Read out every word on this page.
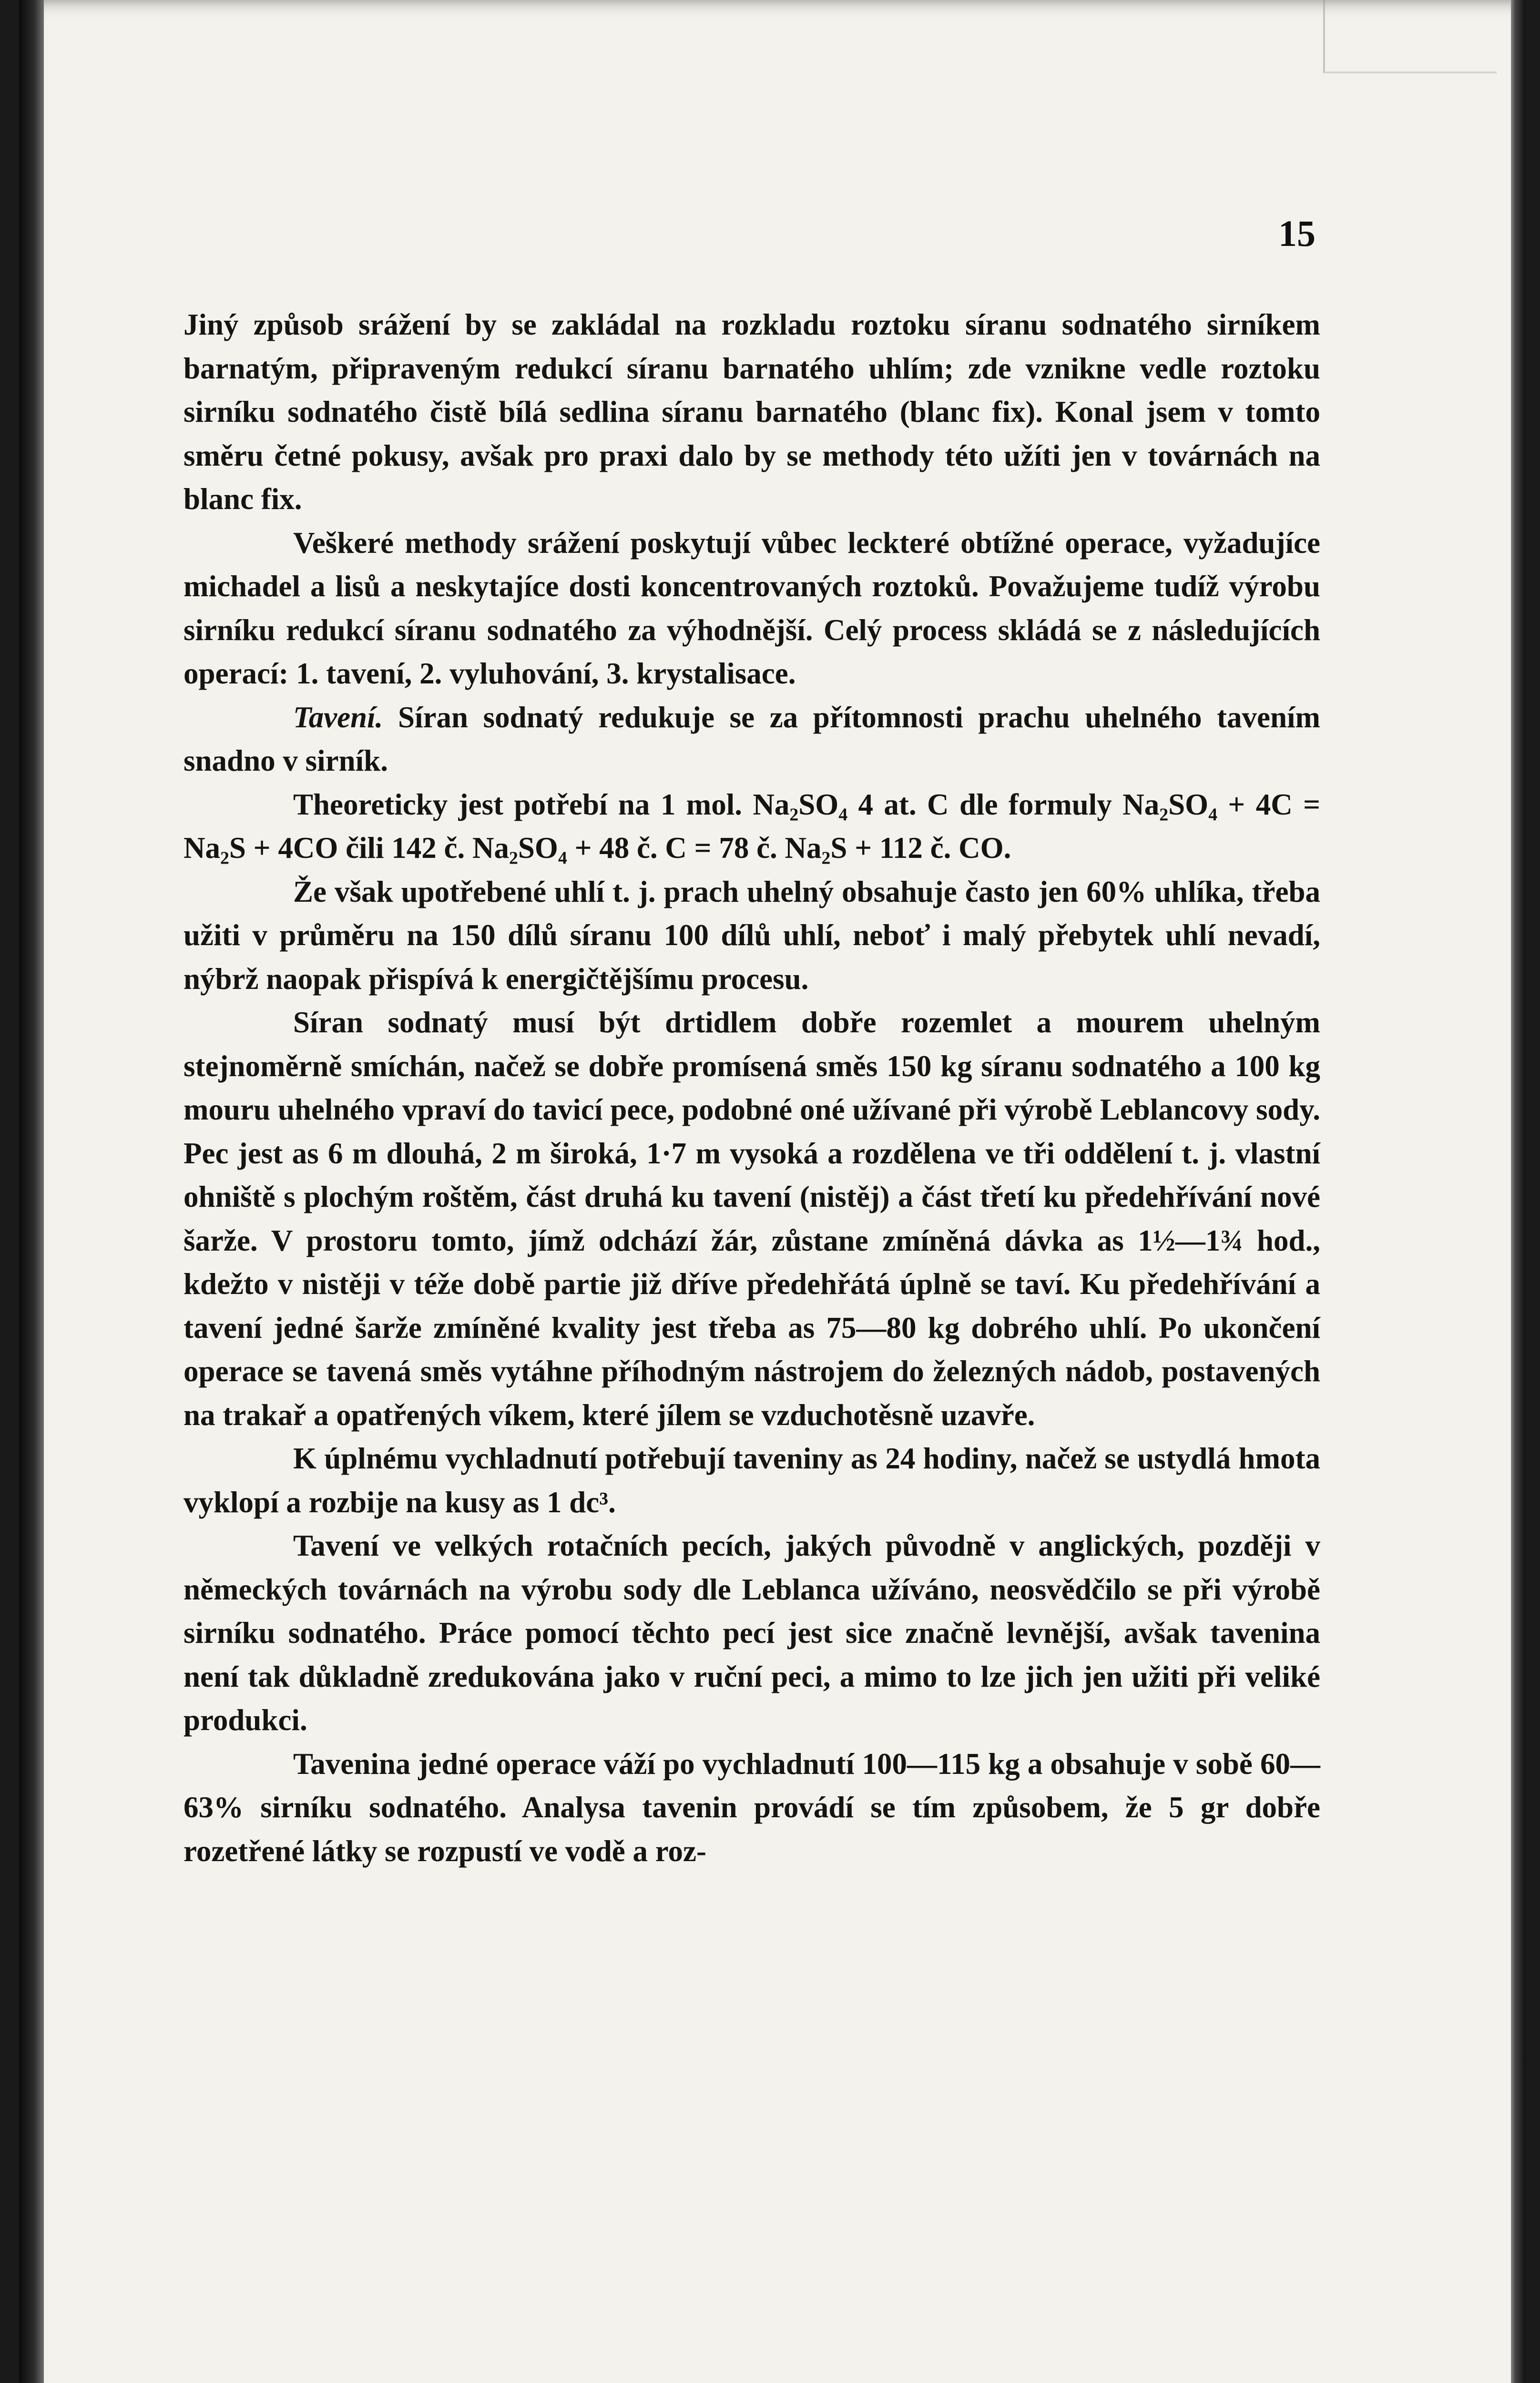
15

Jiný způsob srážení by se zakládal na rozkladu roztoku síranu sodnatého sirníkem barnatým, připraveným redukcí síranu barnatého uhlím; zde vznikne vedle roztoku sirníku sodnatého čistě bílá sedlina síranu barnatého (blanc fix). Konal jsem v tomto směru četné pokusy, avšak pro praxi dalo by se methody této užíti jen v továrnách na blanc fix.

Veškeré methody srážení poskytují vůbec leckteré obtížné operace, vyžadujíce michadel a lisů a neskytajíce dosti koncentrovaných roztoků. Považujeme tudíž výrobu sirníku redukcí síranu sodnatého za výhodnější. Celý process skládá se z následujících operací: 1. tavení, 2. vyluhování, 3. krystalisace.

Tavení. Síran sodnatý redukuje se za přítomnosti prachu uhelného tavením snadno v sirník.

Theoreticky jest potřebí na 1 mol. Na₂SO₄ 4 at. C dle formuly Na₂SO₄ + 4C = Na₂S + 4CO čili 142 č. Na₂SO₄ + 48 č. C = 78 č. Na₂S + 112 č. CO.

Že však upotřebené uhlí t. j. prach uhelný obsahuje často jen 60% uhlíka, třeba užiti v průměru na 150 dílů síranu 100 dílů uhlí, neboť i malý přebytek uhlí nevadí, nýbrž naopak přispívá k energičtějšímu procesu.

Síran sodnatý musí být drtidlem dobře rozemlet a mourem uhelným stejnoměrně smíchán, načež se dobře promísená směs 150 kg síranu sodnatého a 100 kg mouru uhelného vpraví do tavicí pece, podobné oné užívané při výrobě Leblancovy sody. Pec jest as 6 m dlouhá, 2 m široká, 1·7 m vysoká a rozdělena ve tři oddělení t. j. vlastní ohniště s plochým roštěm, část druhá ku tavení (nistěj) a část třetí ku předehřívání nové šarže. V prostoru tomto, jímž odchází žár, zůstane zmíněná dávka as 1½—1¾ hod., kdežto v nistěji v téže době partie již dříve předehřátá úplně se taví. Ku předehřívání a tavení jedné šarže zmíněné kvality jest třeba as 75—80 kg dobrého uhlí. Po ukončení operace se tavená směs vytáhne příhodným nástrojem do železných nádob, postavených na trakař a opatřených víkem, které jílem se vzduchotěsně uzavře.

K úplnému vychladnutí potřebují taveniny as 24 hodiny, načež se ustydlá hmota vyklopí a rozbije na kusy as 1 dc³.

Tavení ve velkých rotačních pecích, jakých původně v anglických, později v německých továrnách na výrobu sody dle Leblanca užíváno, neosvědčilo se při výrobě sirníku sodnatého. Práce pomocí těchto pecí jest sice značně levnější, avšak tavenina není tak důkladně zredukována jako v ruční peci, a mimo to lze jich jen užiti při veliké produkci.

Tavenina jedné operace váží po vychladnutí 100—115 kg a obsahuje v sobě 60—63% sirníku sodnatého. Analysa tavenin provádí se tím způsobem, že 5 gr dobře rozetřené látky se rozpustí ve vodě a roz-
